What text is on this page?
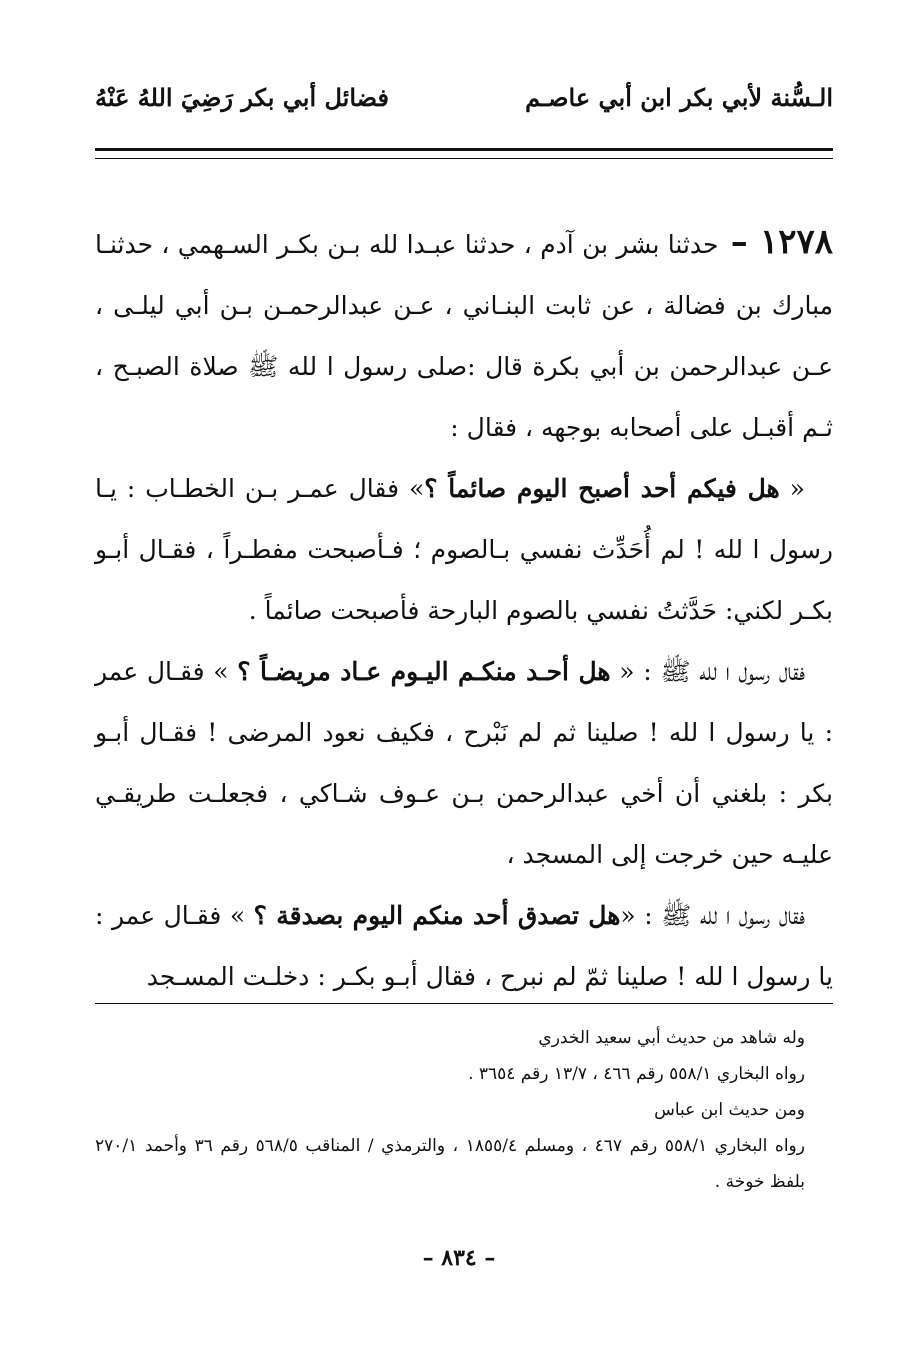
الـسُّنة لأبي بكر ابن أبي عاصـم
فضائل أبي بكر رَضِيَ اللهُ عَنْهُ

١٢٧٨ – حدثنا بشر بن آدم ، حدثنا عبـدا لله بـن بكـر السـهمي ، حدثنـا مبارك بن فضالة ، عن ثابت البنـاني ، عـن عبدالرحمـن بـن أبي ليلـى ، عـن عبدالرحمن بن أبي بكرة قال :صلى رسول ا لله ﷺ صلاة الصبـح ، ثـم أقبـل على أصحابه بوجهه ، فقال :

« هل فيكم أحد أصبح اليوم صائماً ؟» فقال عمـر بـن الخطـاب : يـا رسول ا لله ! لم أُحَدِّث نفسي بـالصوم ؛ فـأصبحت مفطـراً ، فقـال أبـو بكـر لكني: حَدَّثتُ نفسي بالصوم البارحة فأصبحت صائماً .

فقال رسول ا لله ﷺ : « هل أحـد منكـم اليـوم عـاد مريضـاً ؟ » فقـال عمر : يا رسول ا لله ! صلينا ثم لم نَبْرح ، فكيف نعود المرضى ! فقـال أبـو بكر : بلغني أن أخي عبدالرحمن بـن عـوف شـاكي ، فجعلـت طريقـي عليـه حين خرجت إلى المسجد ،

فقال رسول ا لله ﷺ : «هل تصدق أحد منكم اليوم بصدقة ؟ » فقـال عمر : يا رسول ا لله ! صلينا ثمّ لم نبرح ، فقال أبـو بكـر : دخلـت المسـجد

وله شاهد من حديث أبي سعيد الخدري

رواه البخاري ٥٥٨/١ رقم ٤٦٦ ، ١٣/٧ رقم ٣٦٥٤ .

ومن حديث ابن عباس

رواه البخاري ٥٥٨/١ رقم ٤٦٧ ، ومسلم ١٨٥٥/٤ ، والترمذي / المناقب ٥٦٨/٥ رقم ٣٦ وأحمد ٢٧٠/١ بلفظ خوخة .

– ٨٣٤ –
